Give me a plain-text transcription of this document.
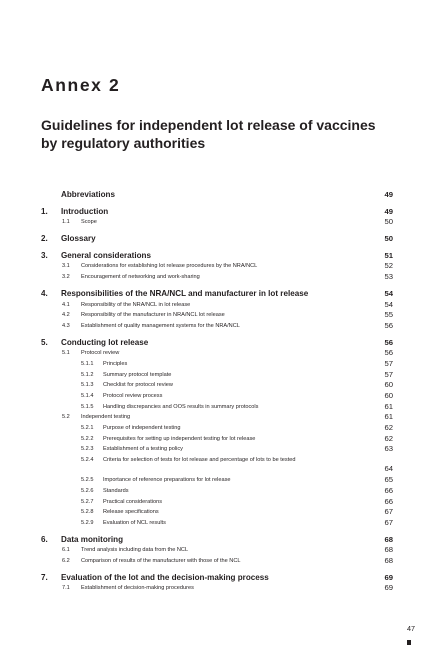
Annex 2
Guidelines for independent lot release of vaccines by regulatory authorities
Abbreviations	49
1. Introduction	49
1.1 Scope	50
2. Glossary	50
3. General considerations	51
3.1 Considerations for establishing lot release procedures by the NRA/NCL	52
3.2 Encouragement of networking and work-sharing	53
4. Responsibilities of the NRA/NCL and manufacturer in lot release	54
4.1 Responsibility of the NRA/NCL in lot release	54
4.2 Responsibility of the manufacturer in NRA/NCL lot release	55
4.3 Establishment of quality management systems for the NRA/NCL	56
5. Conducting lot release	56
5.1 Protocol review	56
5.1.1 Principles	57
5.1.2 Summary protocol template	57
5.1.3 Checklist for protocol review	60
5.1.4 Protocol review process	60
5.1.5 Handling discrepancies and OOS results in summary protocols	61
5.2 Independent testing	61
5.2.1 Purpose of independent testing	62
5.2.2 Prerequisites for setting up independent testing for lot release	62
5.2.3 Establishment of a testing policy	63
5.2.4 Criteria for selection of tests for lot release and percentage of lots to be tested
64
5.2.5 Importance of reference preparations for lot release	65
5.2.6 Standards	66
5.2.7 Practical considerations	66
5.2.8 Release specifications	67
5.2.9 Evaluation of NCL results	67
6. Data monitoring	68
6.1 Trend analysis including data from the NCL	68
6.2 Comparison of results of the manufacturer with those of the NCL	68
7. Evaluation of the lot and the decision-making process	69
7.1 Establishment of decision-making procedures	69
47
